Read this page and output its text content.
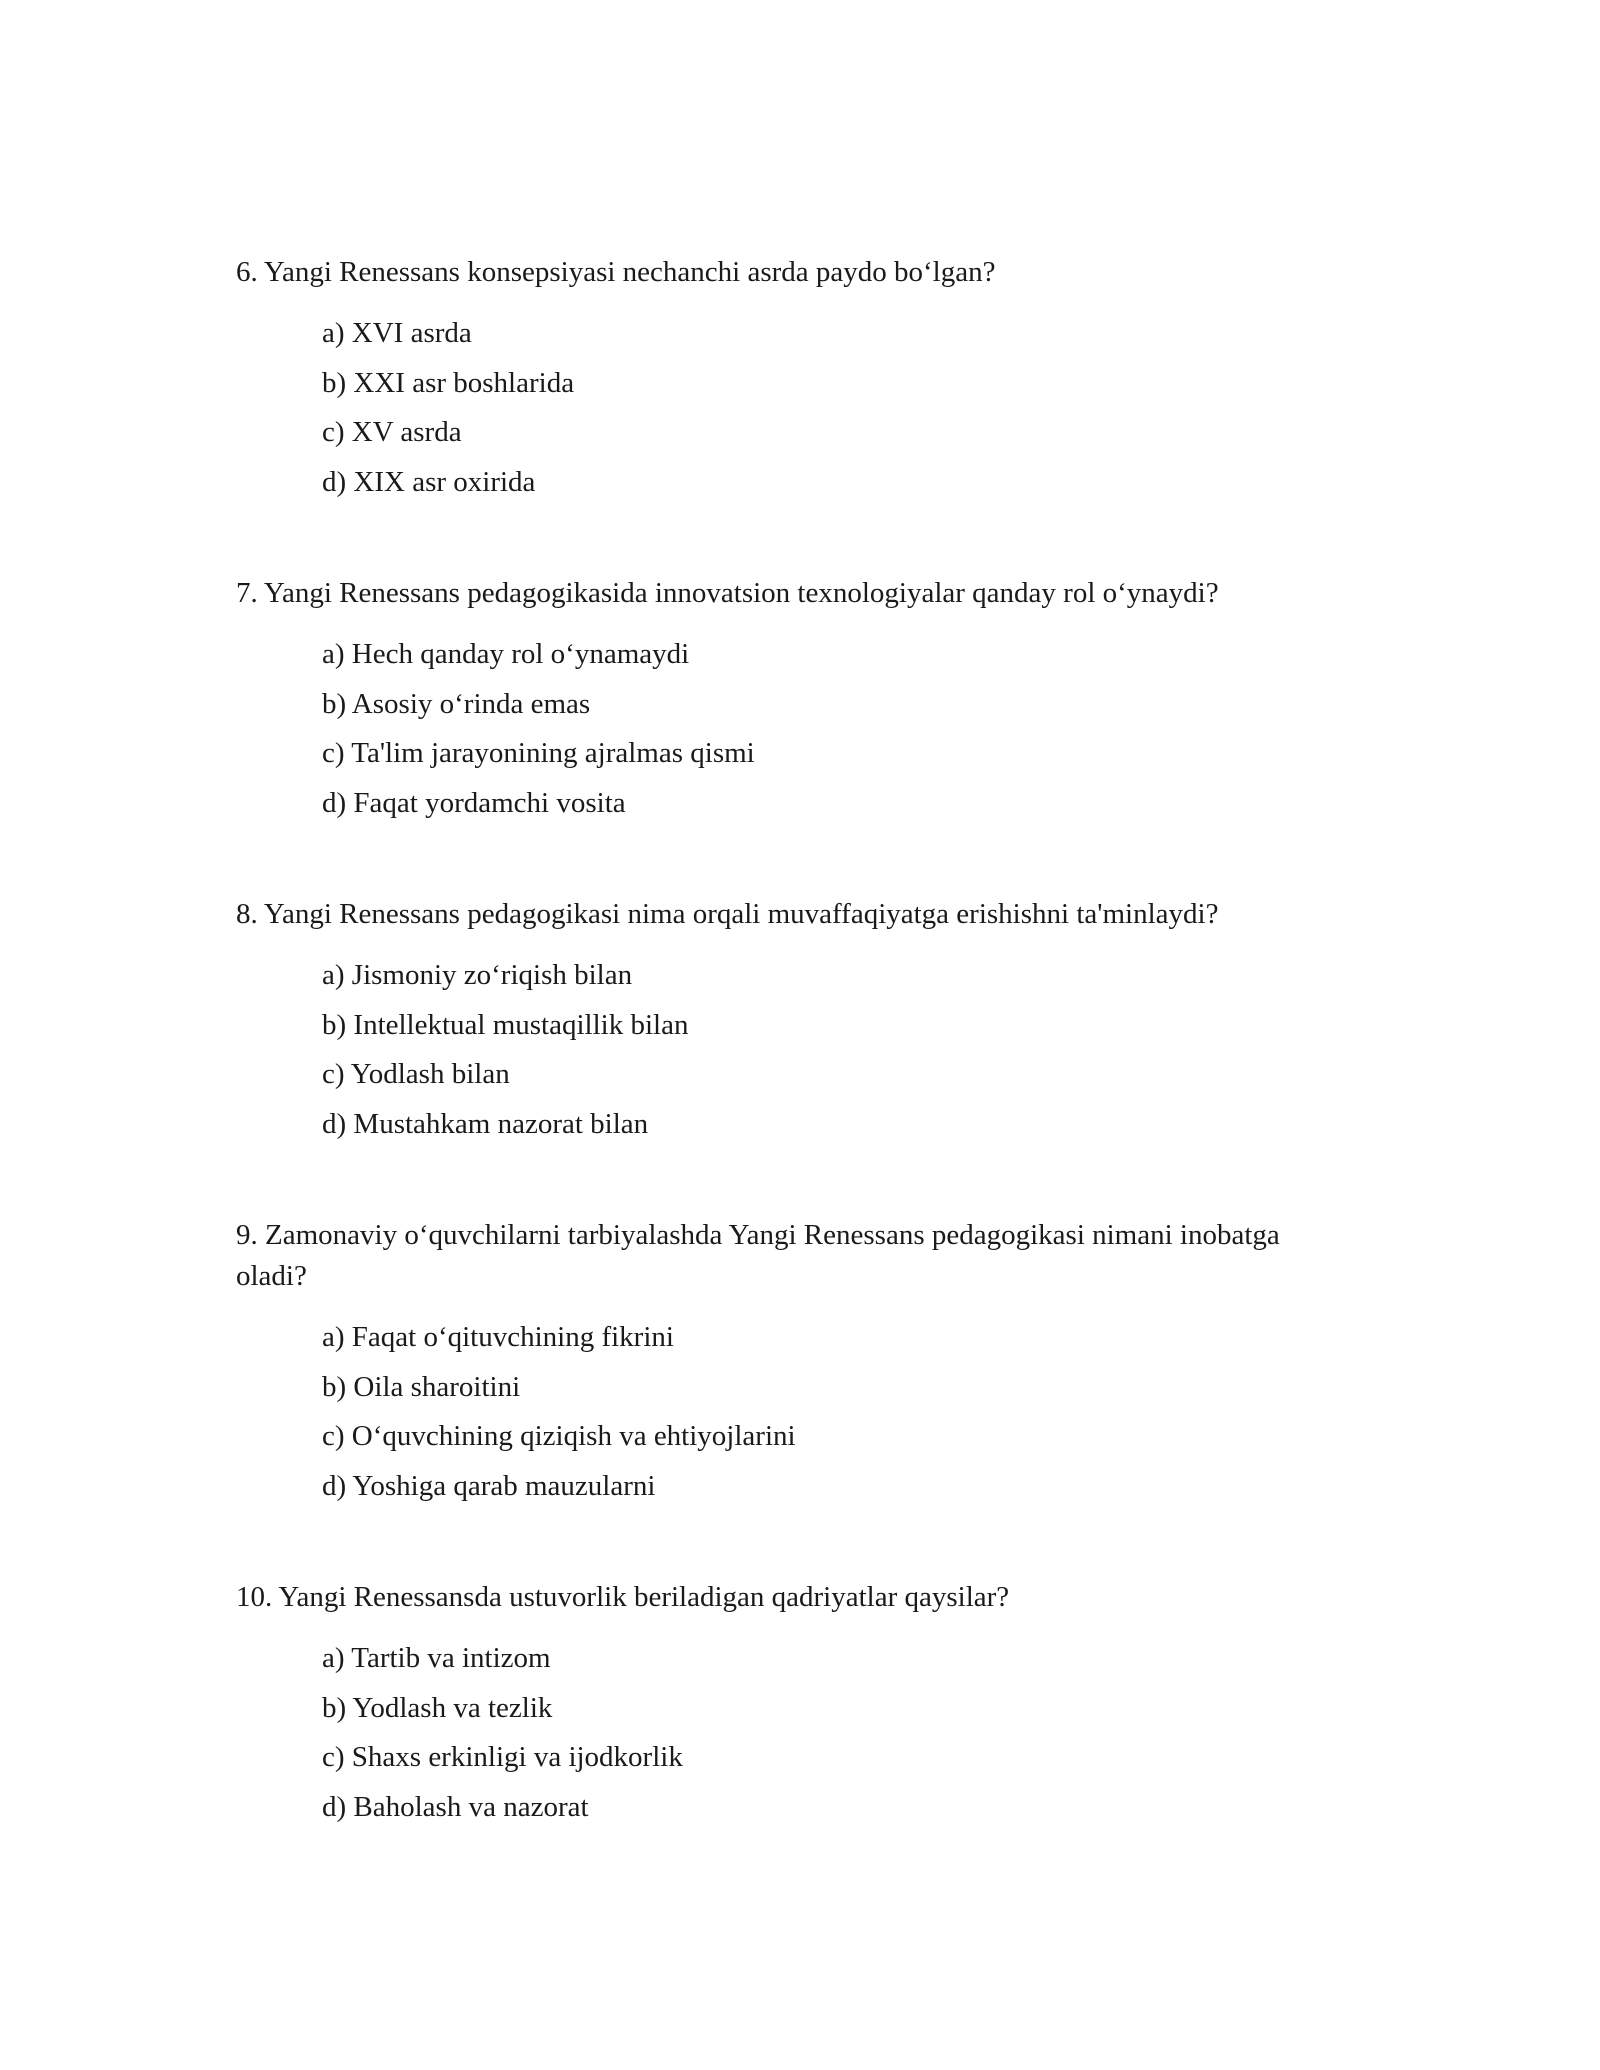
6. Yangi Renessans konsepsiyasi nechanchi asrda paydo bo‘lgan?

a) XVI asrda
b) XXI asr boshlarida
c) XV asrda
d) XIX asr oxirida

7. Yangi Renessans pedagogikasida innovatsion texnologiyalar qanday rol o‘ynaydi?

a) Hech qanday rol o‘ynamaydi
b) Asosiy o‘rinda emas
c) Ta'lim jarayonining ajralmas qismi
d) Faqat yordamchi vosita

8. Yangi Renessans pedagogikasi nima orqali muvaffaqiyatga erishishni ta'minlaydi?

a) Jismoniy zo‘riqish bilan
b) Intellektual mustaqillik bilan
c) Yodlash bilan
d) Mustahkam nazorat bilan

9. Zamonaviy o‘quvchilarni tarbiyalashda Yangi Renessans pedagogikasi nimani inobatga oladi?

a) Faqat o‘qituvchining fikrini
b) Oila sharoitini
c) O‘quvchining qiziqish va ehtiyojlarini
d) Yoshiga qarab mauzularni

10. Yangi Renessansda ustuvorlik beriladigan qadriyatlar qaysilar?

a) Tartib va intizom
b) Yodlash va tezlik
c) Shaxs erkinligi va ijodkorlik
d) Baholash va nazorat
